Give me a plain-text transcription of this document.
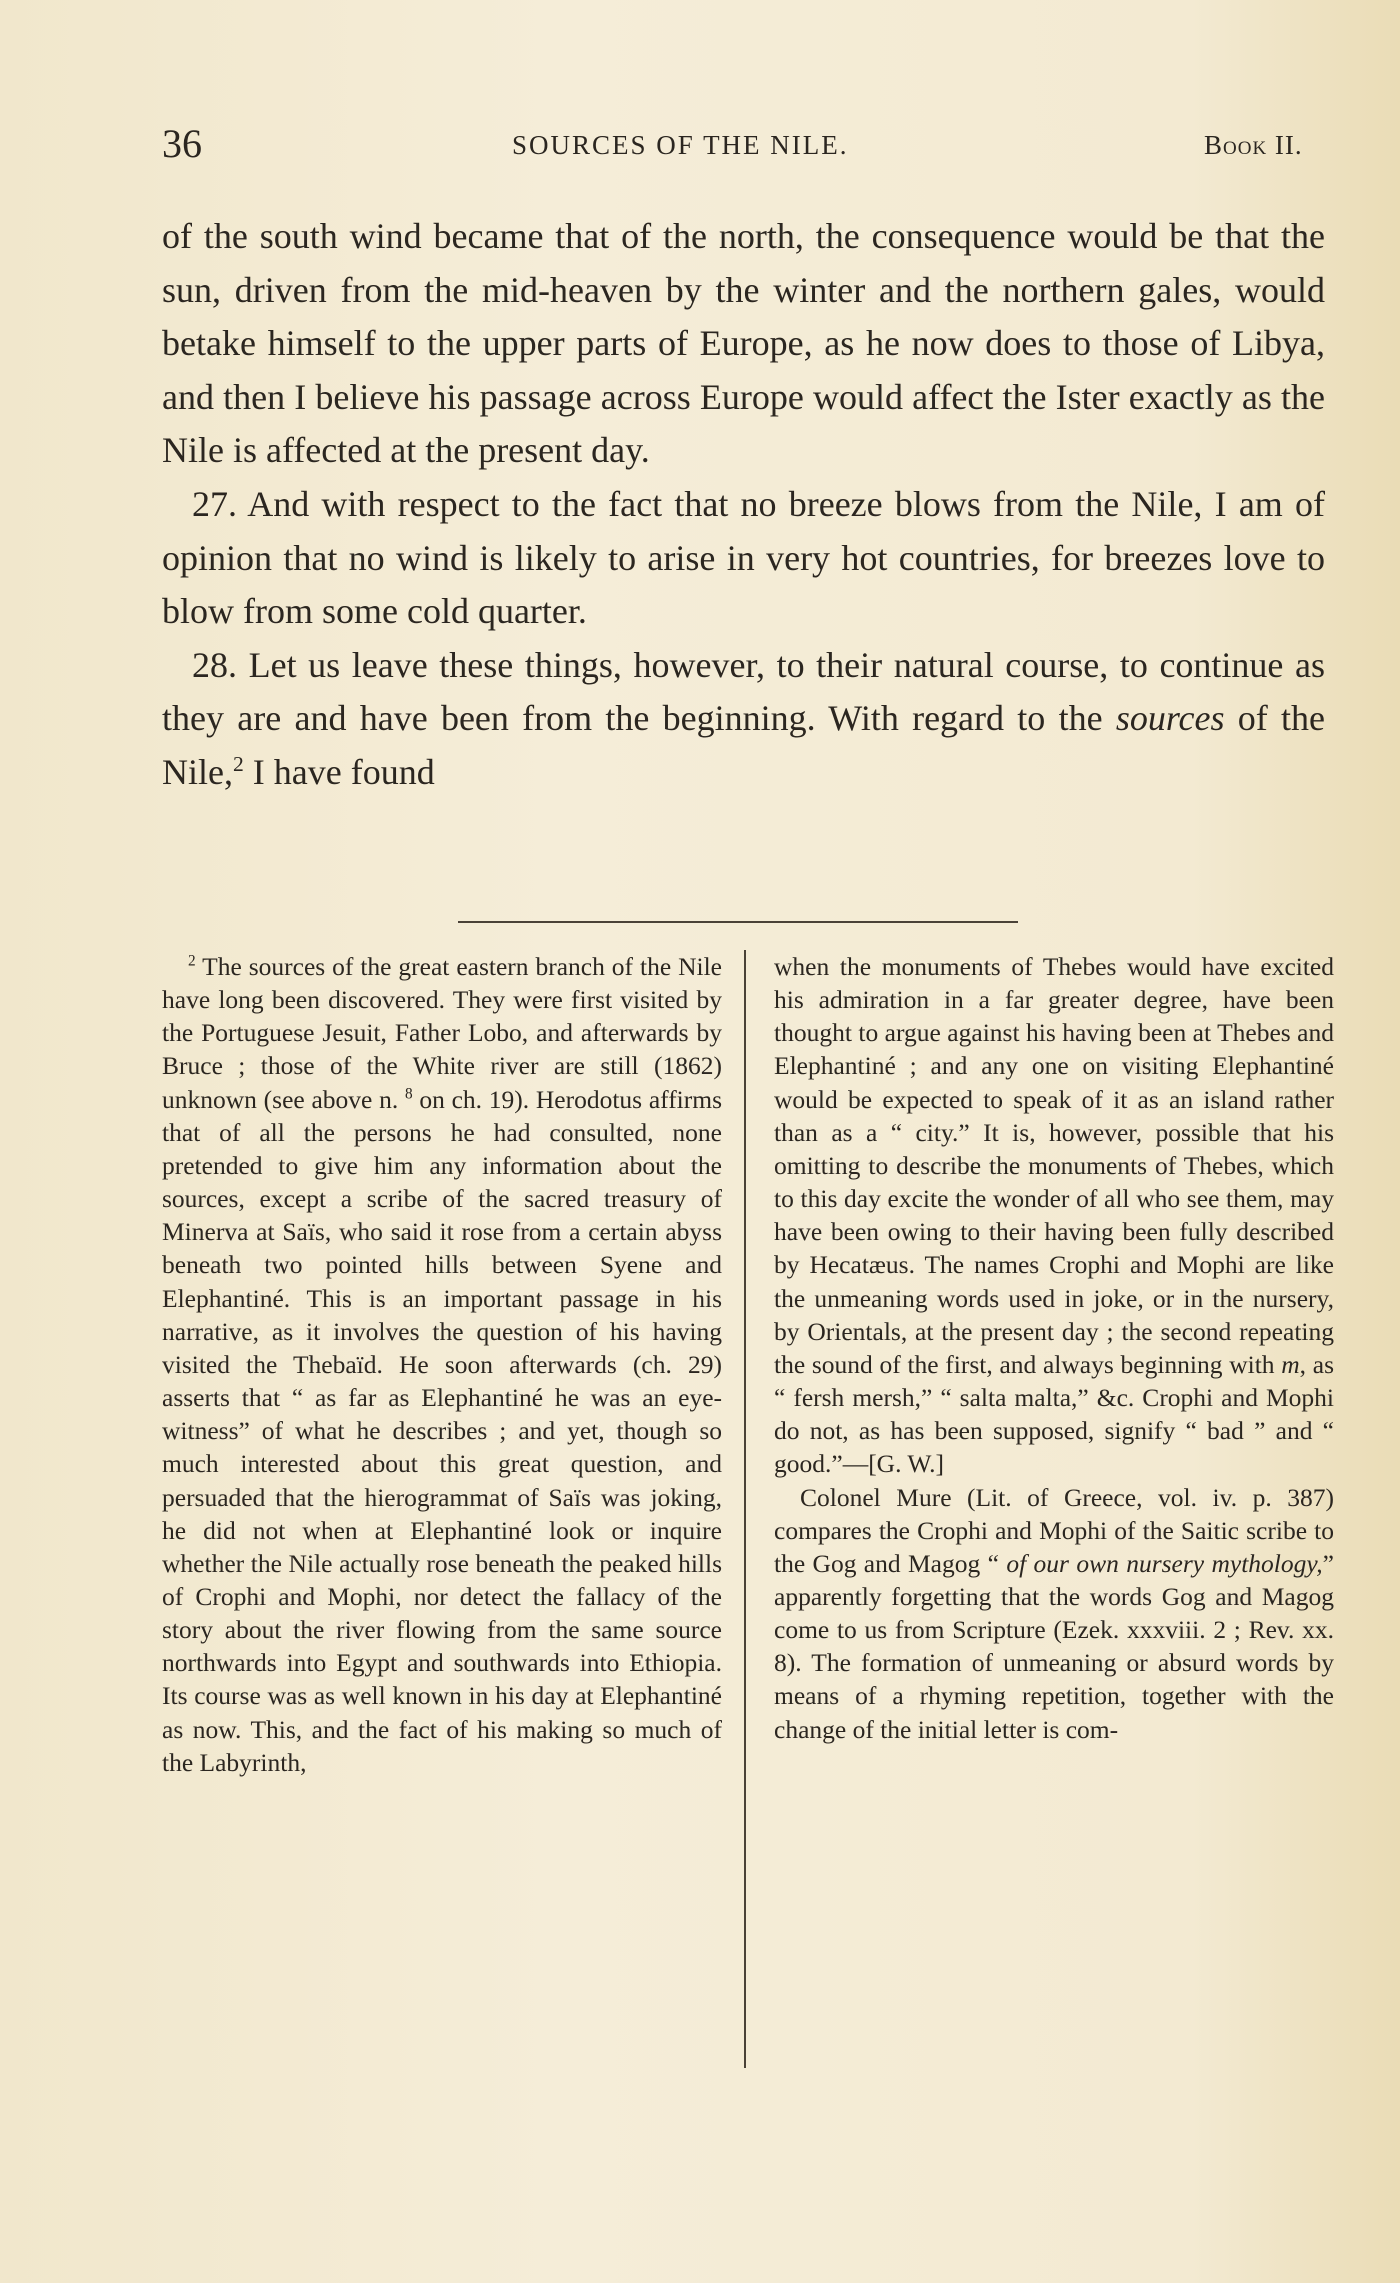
36	SOURCES OF THE NILE.	Book II.

of the south wind became that of the north, the consequence would be that the sun, driven from the mid-heaven by the winter and the northern gales, would betake himself to the upper parts of Europe, as he now does to those of Libya, and then I believe his passage across Europe would affect the Ister exactly as the Nile is affected at the present day.

27. And with respect to the fact that no breeze blows from the Nile, I am of opinion that no wind is likely to arise in very hot countries, for breezes love to blow from some cold quarter.

28. Let us leave these things, however, to their natural course, to continue as they are and have been from the beginning. With regard to the sources of the Nile,$^2$ I have found

$^2$ The sources of the great eastern branch of the Nile have long been discovered. They were first visited by the Portuguese Jesuit, Father Lobo, and afterwards by Bruce ; those of the White river are still (1862) unknown (see above n. $^8$ on ch. 19). Herodotus affirms that of all the persons he had consulted, none pretended to give him any information about the sources, except a scribe of the sacred treasury of Minerva at Saïs, who said it rose from a certain abyss beneath two pointed hills between Syene and Elephantiné. This is an important passage in his narrative, as it involves the question of his having visited the Thebaïd. He soon afterwards (ch. 29) asserts that “ as far as Elephantiné he was an eye-witness” of what he describes ; and yet, though so much interested about this great question, and persuaded that the hierogrammat of Saïs was joking, he did not when at Elephantiné look or inquire whether the Nile actually rose beneath the peaked hills of Crophi and Mophi, nor detect the fallacy of the story about the river flowing from the same source northwards into Egypt and southwards into Ethiopia. Its course was as well known in his day at Elephantiné as now. This, and the fact of his making so much of the Labyrinth,

when the monuments of Thebes would have excited his admiration in a far greater degree, have been thought to argue against his having been at Thebes and Elephantiné ; and any one on visiting Elephantiné would be expected to speak of it as an island rather than as a “ city.” It is, however, possible that his omitting to describe the monuments of Thebes, which to this day excite the wonder of all who see them, may have been owing to their having been fully described by Hecatæus. The names Crophi and Mophi are like the unmeaning words used in joke, or in the nursery, by Orientals, at the present day ; the second repeating the sound of the first, and always beginning with m, as “ fersh mersh,” “ salta malta,” &c. Crophi and Mophi do not, as has been supposed, signify “ bad ” and “ good.”—[G. W.]

Colonel Mure (Lit. of Greece, vol. iv. p. 387) compares the Crophi and Mophi of the Saitic scribe to the Gog and Magog “ of our own nursery mythology,” apparently forgetting that the words Gog and Magog come to us from Scripture (Ezek. xxxviii. 2 ; Rev. xx. 8). The formation of unmeaning or absurd words by means of a rhyming repetition, together with the change of the initial letter is com-
